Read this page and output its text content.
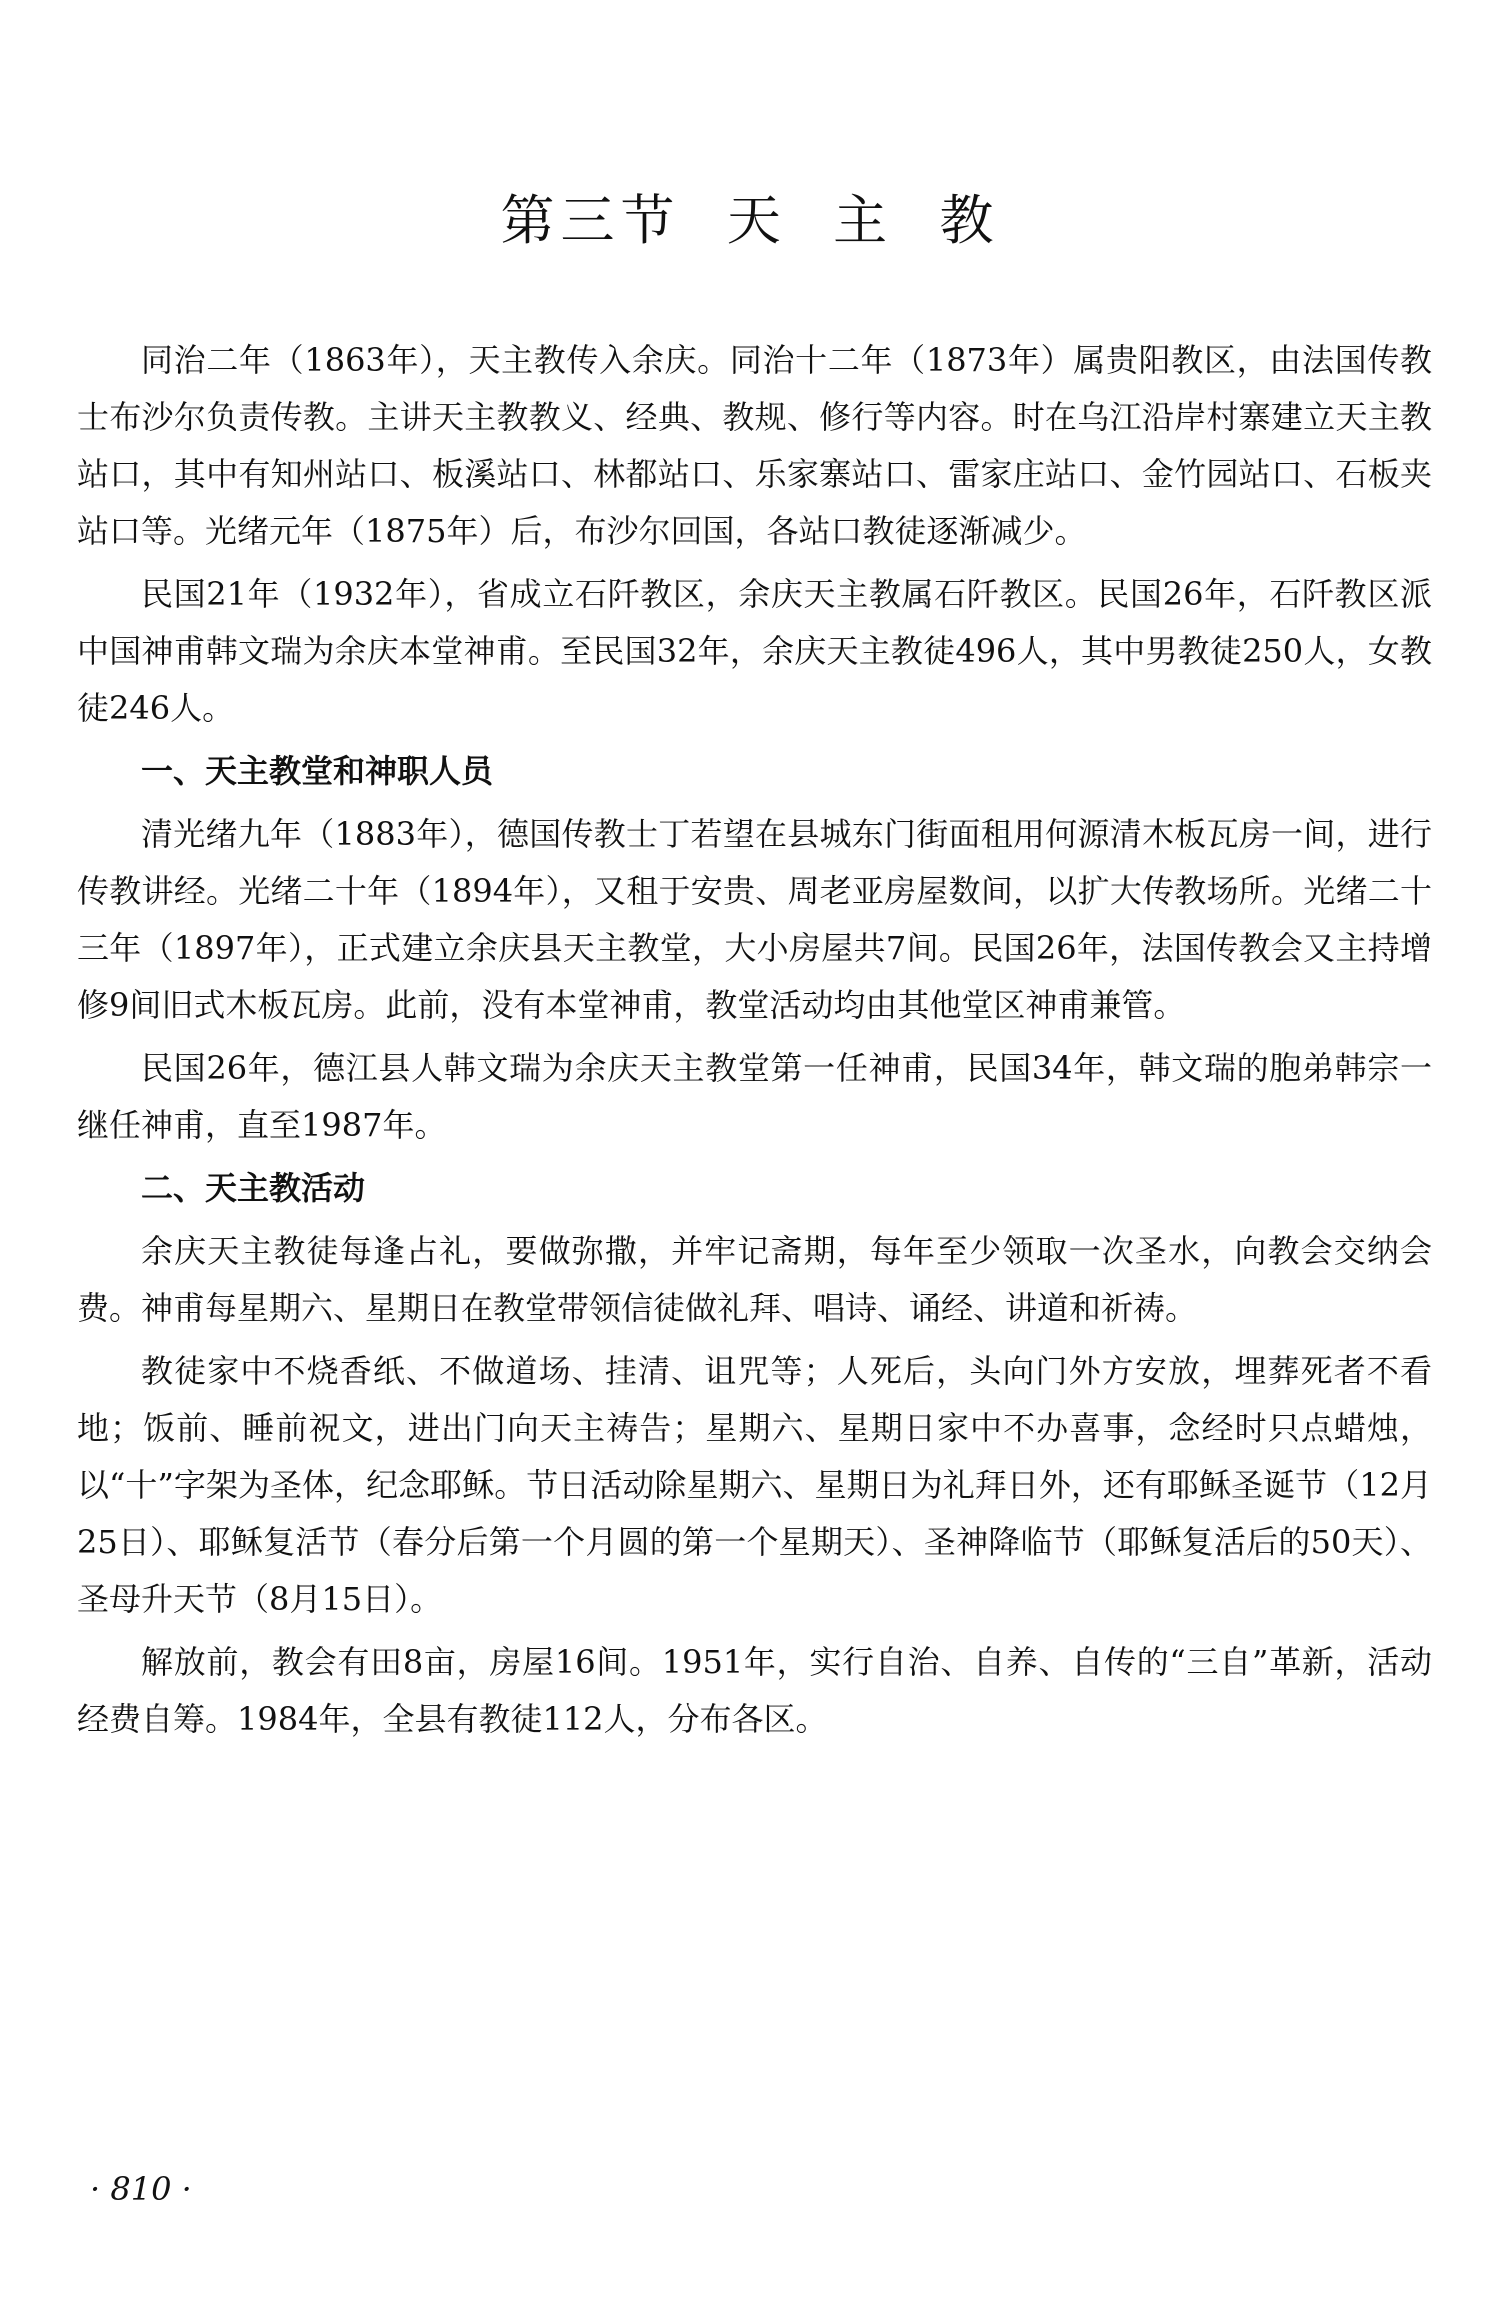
第三节  天  主  教

同治二年（1863年），天主教传入余庆。同治十二年（1873年）属贵阳教区，由法国传教士布沙尔负责传教。主讲天主教教义、经典、教规、修行等内容。时在乌江沿岸村寨建立天主教站口，其中有知州站口、板溪站口、林都站口、乐家寨站口、雷家庄站口、金竹园站口、石板夹站口等。光绪元年（1875年）后，布沙尔回国，各站口教徒逐渐减少。

民国21年（1932年），省成立石阡教区，余庆天主教属石阡教区。民国26年，石阡教区派中国神甫韩文瑞为余庆本堂神甫。至民国32年，余庆天主教徒496人，其中男教徒250人，女教徒246人。

一、天主教堂和神职人员

清光绪九年（1883年），德国传教士丁若望在县城东门街面租用何源清木板瓦房一间，进行传教讲经。光绪二十年（1894年），又租于安贵、周老亚房屋数间，以扩大传教场所。光绪二十三年（1897年），正式建立余庆县天主教堂，大小房屋共7间。民国26年，法国传教会又主持增修9间旧式木板瓦房。此前，没有本堂神甫，教堂活动均由其他堂区神甫兼管。

民国26年，德江县人韩文瑞为余庆天主教堂第一任神甫，民国34年，韩文瑞的胞弟韩宗一继任神甫，直至1987年。

二、天主教活动

余庆天主教徒每逢占礼，要做弥撒，并牢记斋期，每年至少领取一次圣水，向教会交纳会费。神甫每星期六、星期日在教堂带领信徒做礼拜、唱诗、诵经、讲道和祈祷。

教徒家中不烧香纸、不做道场、挂清、诅咒等；人死后，头向门外方安放，埋葬死者不看地；饭前、睡前祝文，进出门向天主祷告；星期六、星期日家中不办喜事，念经时只点蜡烛，以“十”字架为圣体，纪念耶稣。节日活动除星期六、星期日为礼拜日外，还有耶稣圣诞节（12月25日）、耶稣复活节（春分后第一个月圆的第一个星期天）、圣神降临节（耶稣复活后的50天）、圣母升天节（8月15日）。

解放前，教会有田8亩，房屋16间。1951年，实行自治、自养、自传的“三自”革新，活动经费自筹。1984年，全县有教徒112人，分布各区。

· 810 ·
